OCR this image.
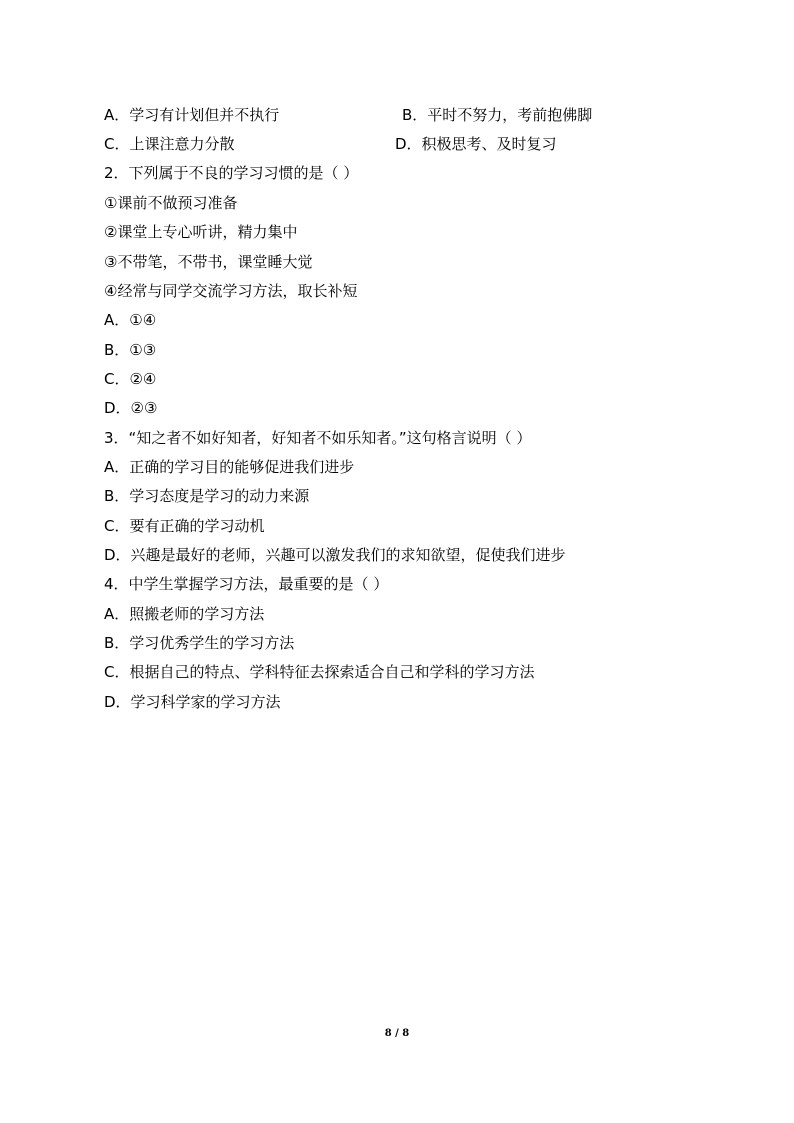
A．学习有计划但并不执行	B．平时不努力，考前抱佛脚
C．上课注意力分散	D．积极思考、及时复习
2．下列属于不良的学习习惯的是（ ）
①课前不做预习准备
②课堂上专心听讲，精力集中
③不带笔，不带书，课堂睡大觉
④经常与同学交流学习方法，取长补短
A．①④
B．①③
C．②④
D．②③
3．“知之者不如好知者，好知者不如乐知者。”这句格言说明（ ）
A．正确的学习目的能够促进我们进步
B．学习态度是学习的动力来源
C．要有正确的学习动机
D．兴趣是最好的老师，兴趣可以激发我们的求知欲望，促使我们进步
4．中学生掌握学习方法，最重要的是（ ）
A．照搬老师的学习方法
B．学习优秀学生的学习方法
C．根据自己的特点、学科特征去探索适合自己和学科的学习方法
D．学习科学家的学习方法
8 / 8
